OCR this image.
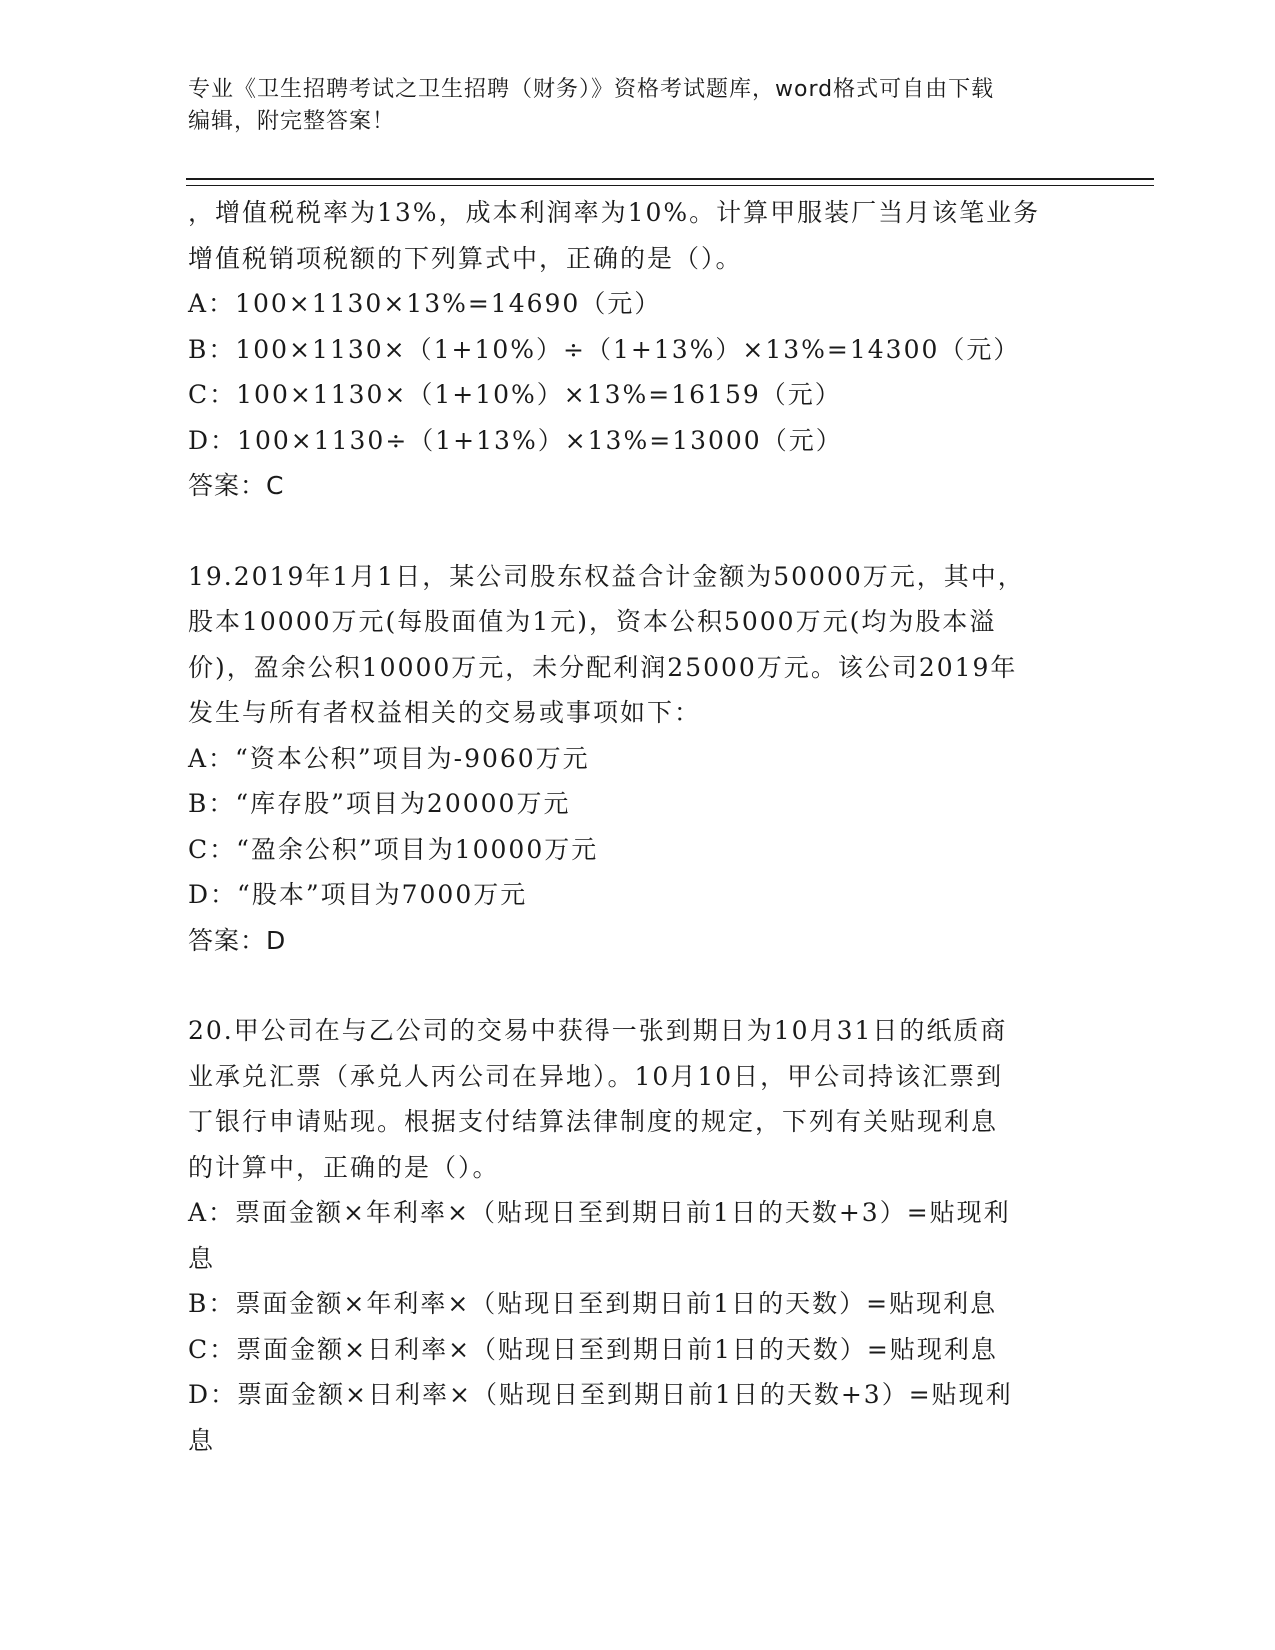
专业《卫生招聘考试之卫生招聘（财务）》资格考试题库，word格式可自由下载
编辑，附完整答案！
，增值税税率为13%，成本利润率为10%。计算甲服装厂当月该笔业务
增值税销项税额的下列算式中，正确的是（）。
A：100×1130×13%=14690（元）
B：100×1130×（1+10%）÷（1+13%）×13%=14300（元）
C：100×1130×（1+10%）×13%=16159（元）
D：100×1130÷（1+13%）×13%=13000（元）
答案：C
19.2019年1月1日，某公司股东权益合计金额为50000万元，其中，
股本10000万元(每股面值为1元)，资本公积5000万元(均为股本溢
价)，盈余公积10000万元，未分配利润25000万元。该公司2019年
发生与所有者权益相关的交易或事项如下：
A：“资本公积”项目为-9060万元
B：“库存股”项目为20000万元
C：“盈余公积”项目为10000万元
D：“股本”项目为7000万元
答案：D
20.甲公司在与乙公司的交易中获得一张到期日为10月31日的纸质商
业承兑汇票（承兑人丙公司在异地）。10月10日，甲公司持该汇票到
丁银行申请贴现。根据支付结算法律制度的规定，下列有关贴现利息
的计算中，正确的是（）。
A：票面金额×年利率×（贴现日至到期日前1日的天数+3）=贴现利
息
B：票面金额×年利率×（贴现日至到期日前1日的天数）=贴现利息
C：票面金额×日利率×（贴现日至到期日前1日的天数）=贴现利息
D：票面金额×日利率×（贴现日至到期日前1日的天数+3）=贴现利
息
